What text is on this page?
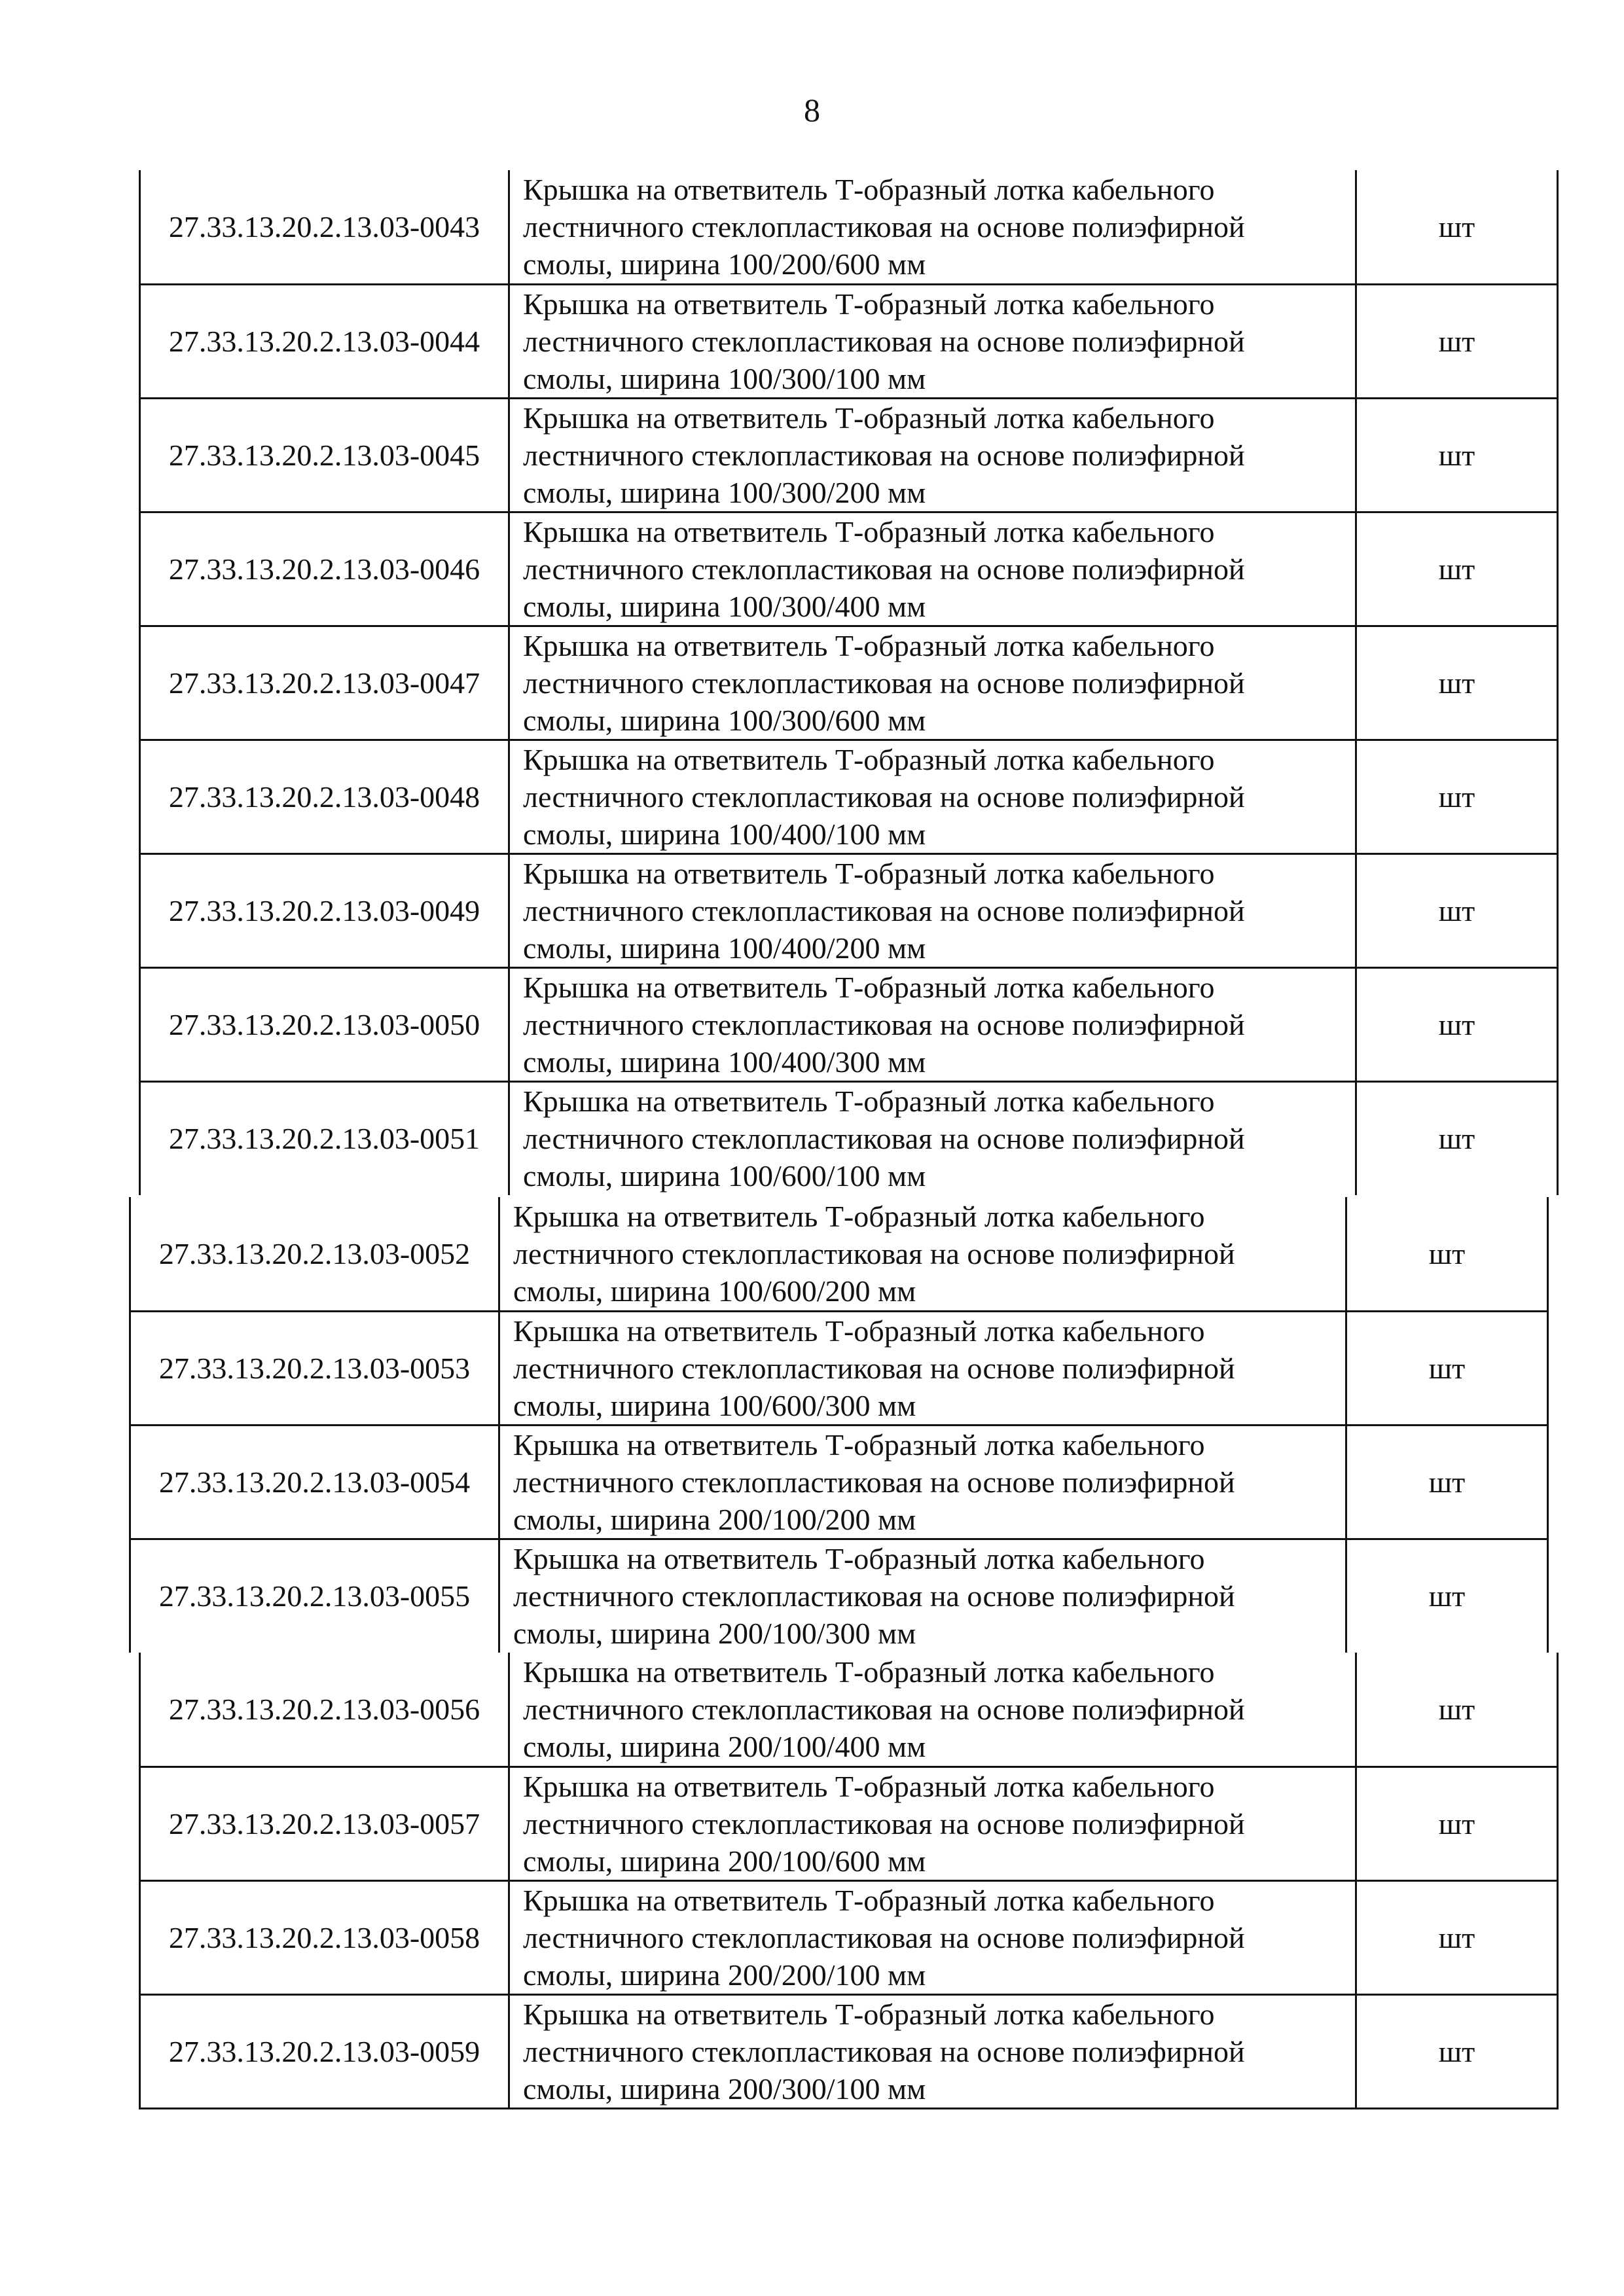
8
27.33.13.20.2.13.03-0043	Крышка на ответвитель Т-образный лотка кабельного
лестничного стеклопластиковая на основе полиэфирной
смолы, ширина 100/200/600 мм	шт
27.33.13.20.2.13.03-0044	Крышка на ответвитель Т-образный лотка кабельного
лестничного стеклопластиковая на основе полиэфирной
смолы, ширина 100/300/100 мм	шт
27.33.13.20.2.13.03-0045	Крышка на ответвитель Т-образный лотка кабельного
лестничного стеклопластиковая на основе полиэфирной
смолы, ширина 100/300/200 мм	шт
27.33.13.20.2.13.03-0046	Крышка на ответвитель Т-образный лотка кабельного
лестничного стеклопластиковая на основе полиэфирной
смолы, ширина 100/300/400 мм	шт
27.33.13.20.2.13.03-0047	Крышка на ответвитель Т-образный лотка кабельного
лестничного стеклопластиковая на основе полиэфирной
смолы, ширина 100/300/600 мм	шт
27.33.13.20.2.13.03-0048	Крышка на ответвитель Т-образный лотка кабельного
лестничного стеклопластиковая на основе полиэфирной
смолы, ширина 100/400/100 мм	шт
27.33.13.20.2.13.03-0049	Крышка на ответвитель Т-образный лотка кабельного
лестничного стеклопластиковая на основе полиэфирной
смолы, ширина 100/400/200 мм	шт
27.33.13.20.2.13.03-0050	Крышка на ответвитель Т-образный лотка кабельного
лестничного стеклопластиковая на основе полиэфирной
смолы, ширина 100/400/300 мм	шт
27.33.13.20.2.13.03-0051	Крышка на ответвитель Т-образный лотка кабельного
лестничного стеклопластиковая на основе полиэфирной
смолы, ширина 100/600/100 мм	шт
27.33.13.20.2.13.03-0052	Крышка на ответвитель Т-образный лотка кабельного
лестничного стеклопластиковая на основе полиэфирной
смолы, ширина 100/600/200 мм	шт
27.33.13.20.2.13.03-0053	Крышка на ответвитель Т-образный лотка кабельного
лестничного стеклопластиковая на основе полиэфирной
смолы, ширина 100/600/300 мм	шт
27.33.13.20.2.13.03-0054	Крышка на ответвитель Т-образный лотка кабельного
лестничного стеклопластиковая на основе полиэфирной
смолы, ширина 200/100/200 мм	шт
27.33.13.20.2.13.03-0055	Крышка на ответвитель Т-образный лотка кабельного
лестничного стеклопластиковая на основе полиэфирной
смолы, ширина 200/100/300 мм	шт
27.33.13.20.2.13.03-0056	Крышка на ответвитель Т-образный лотка кабельного
лестничного стеклопластиковая на основе полиэфирной
смолы, ширина 200/100/400 мм	шт
27.33.13.20.2.13.03-0057	Крышка на ответвитель Т-образный лотка кабельного
лестничного стеклопластиковая на основе полиэфирной
смолы, ширина 200/100/600 мм	шт
27.33.13.20.2.13.03-0058	Крышка на ответвитель Т-образный лотка кабельного
лестничного стеклопластиковая на основе полиэфирной
смолы, ширина 200/200/100 мм	шт
27.33.13.20.2.13.03-0059	Крышка на ответвитель Т-образный лотка кабельного
лестничного стеклопластиковая на основе полиэфирной
смолы, ширина 200/300/100 мм	шт
